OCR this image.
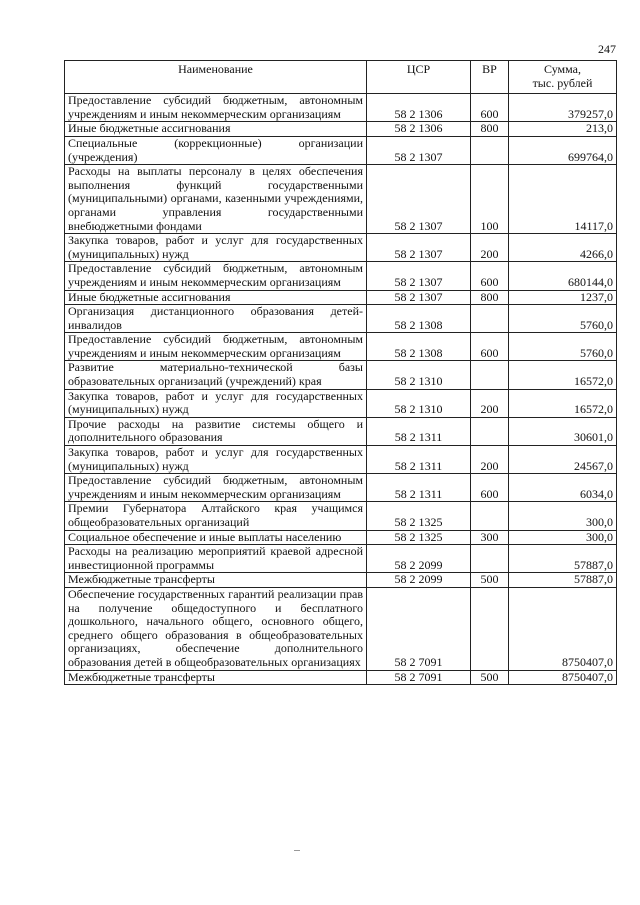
247
Наименование	ЦСР	ВР	Сумма,
тыс. рублей

Предоставление субсидий бюджетным, автономным учреждениям и иным некоммерческим организациям	58 2 1306	600	379257,0
Иные бюджетные ассигнования	58 2 1306	800	213,0
Специальные (коррекционные) организации (учреждения)	58 2 1307		699764,0
Расходы на выплаты персоналу в целях обеспечения выполнения функций государственными (муниципальными) органами, казенными учреждениями, органами управления государственными внебюджетными фондами	58 2 1307	100	14117,0
Закупка товаров, работ и услуг для государственных (муниципальных) нужд	58 2 1307	200	4266,0
Предоставление субсидий бюджетным, автономным учреждениям и иным некоммерческим организациям	58 2 1307	600	680144,0
Иные бюджетные ассигнования	58 2 1307	800	1237,0
Организация дистанционного образования детей-инвалидов	58 2 1308		5760,0
Предоставление субсидий бюджетным, автономным учреждениям и иным некоммерческим организациям	58 2 1308	600	5760,0
Развитие материально-технической базы образовательных организаций (учреждений) края	58 2 1310		16572,0
Закупка товаров, работ и услуг для государственных (муниципальных) нужд	58 2 1310	200	16572,0
Прочие расходы на развитие системы общего и дополнительного образования	58 2 1311		30601,0
Закупка товаров, работ и услуг для государственных (муниципальных) нужд	58 2 1311	200	24567,0
Предоставление субсидий бюджетным, автономным учреждениям и иным некоммерческим организациям	58 2 1311	600	6034,0
Премии Губернатора Алтайского края учащимся общеобразовательных организаций	58 2 1325		300,0
Социальное обеспечение и иные выплаты населению	58 2 1325	300	300,0
Расходы на реализацию мероприятий краевой адресной инвестиционной программы	58 2 2099		57887,0
Межбюджетные трансферты	58 2 2099	500	57887,0
Обеспечение государственных гарантий реализации прав на получение общедоступного и бесплатного дошкольного, начального общего, основного общего, среднего общего образования в общеобразовательных организациях, обеспечение дополнительного образования детей в общеобразовательных организациях	58 2 7091		8750407,0
Межбюджетные трансферты	58 2 7091	500	8750407,0
